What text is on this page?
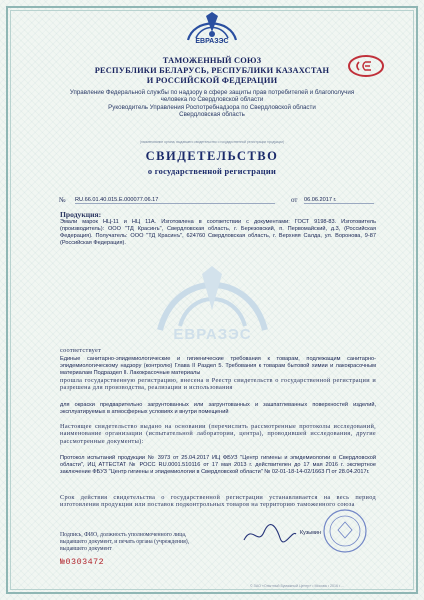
ЕВРАЗЭС
ТАМОЖЕННЫЙ СОЮЗ
РЕСПУБЛИКИ БЕЛАРУСЬ, РЕСПУБЛИКИ КАЗАХСТАН
И РОССИЙСКОЙ ФЕДЕРАЦИИ
Управление Федеральной службы по надзору в сфере защиты прав потребителей и благополучия
человека по Свердловской области
Руководитель Управления Роспотребнадзора по Свердловской области
Свердловская область
(наименование органа, выдавшего свидетельство о государственной регистрации продукции)
СВИДЕТЕЛЬСТВО
о государственной регистрации
№ RU.66.01.40.015.Е.000077.06.17	от 06.06.2017 г.
Продукция:
Эмали марок НЦ-11 и НЦ 11А. Изготовлена в соответствии с документами: ГОСТ 9198-83. Изготовитель (производитель): ООО "ТД Красинъ", Свердловская область, г. Березовский, п. Первомайский, д.3, (Российская Федерация). Получатель: ООО "ТД Красинъ", 624760 Свердловская область, г. Верхняя Салда, ул. Воронова, 9-87 (Российская Федерация).
ЕВРАЗЭС
соответствует
Единые санитарно-эпидемиологические и гигиенические требования к товарам, подлежащим санитарно-эпидемиологическому надзору (контролю) Глава II Раздел 5. Требования к товарам бытовой химии и лакокрасочным материалам Подраздел II. Лакокрасочные материалы
прошла государственную регистрацию, внесена в Реестр свидетельств о государственной регистрации и разрешена для производства, реализации и использования
для окраски предварительно загрунтованных или загрунтованных и зашпатлеванных поверхностей изделий, эксплуатируемых в атмосферных условиях и внутри помещений
Настоящее свидетельство выдано на основании (перечислить рассмотренные протоколы исследований, наименование организации (испытательной лаборатории, центра), проводившей исследования, другие рассмотренные документы):
Протокол испытаний продукции № 3973 от 25.04.2017 ИЦ ФБУЗ "Центр гигиены и эпидемиологии в Свердловской области", ИЦ АТТЕСТАТ № РОСС RU.0001.510116 от 17 мая 2013 г. действителен до 17 мая 2016 г. экспертное заключение ФБУЗ "Центр гигиены и эпидемиологии в Свердловской области" № 02-01-18-14-02/1663 П от 28.04.2017г.
Срок действия свидетельства о государственной регистрации устанавливается на весь период изготовления продукции или поставок подконтрольных товаров на территорию таможенного союза
Подпись, ФИО, должность уполномоченного лица,
выдавшего документ, и печать органа (учреждения),
выдавшего документ
Кузьмин
№0303472
© ЗАО «Опытный Бумажный Центр» • Москва • 2016 • ...
